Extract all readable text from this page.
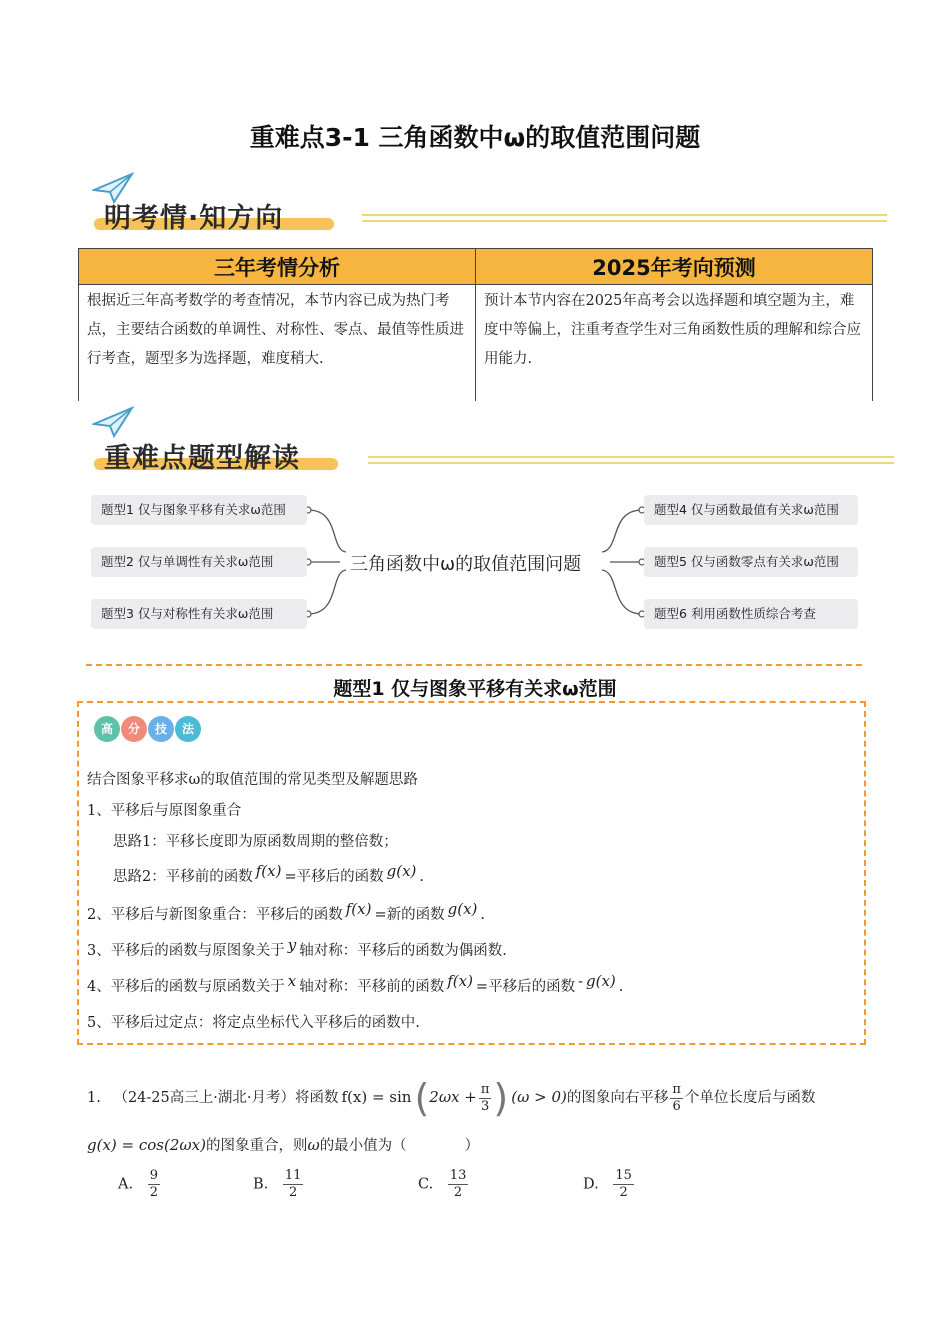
重难点3-1 三角函数中ω的取值范围问题
明考情·知方向
三年考情分析	2025年考向预测
根据近三年高考数学的考查情况，本节内容已成为热门考点，主要结合函数的单调性、对称性、零点、最值等性质进行考查，题型多为选择题，难度稍大.	预计本节内容在2025年高考会以选择题和填空题为主，难度中等偏上，注重考查学生对三角函数性质的理解和综合应用能力.
重难点题型解读
题型1 仅与图象平移有关求ω范围
题型2 仅与单调性有关求ω范围
题型3 仅与对称性有关求ω范围
题型4 仅与函数最值有关求ω范围
题型5 仅与函数零点有关求ω范围
题型6 利用函数性质综合考查
三角函数中ω的取值范围问题
题型1 仅与图象平移有关求ω范围
高 分 技 法
结合图象平移求ω的取值范围的常见类型及解题思路
1、平移后与原图象重合
思路1：平移长度即为原函数周期的整倍数；
思路2：平移前的函数 f(x) =平移后的函数 g(x) .
2、平移后与新图象重合：平移后的函数 f(x) =新的函数 g(x) .
3、平移后的函数与原图象关于 y 轴对称：平移后的函数为偶函数.
4、平移后的函数与原函数关于 x 轴对称：平移前的函数 f(x) =平移后的函数 - g(x) .
5、平移后过定点：将定点坐标代入平移后的函数中.
1. （24-25高三上·湖北·月考）将函数 $f(x) = \sin(2\omega x + \frac{\pi}{3}$ ) (ω > 0)的图象向右平移 $\frac{\pi}{6}$ 个单位长度后与函数
g(x) = cos(2ωx)的图象重合，则ω的最小值为（　　　　）
A. $\frac{9}{2}$	B. $\frac{11}{2}$	C. $\frac{13}{2}$	D. $\frac{15}{2}$
